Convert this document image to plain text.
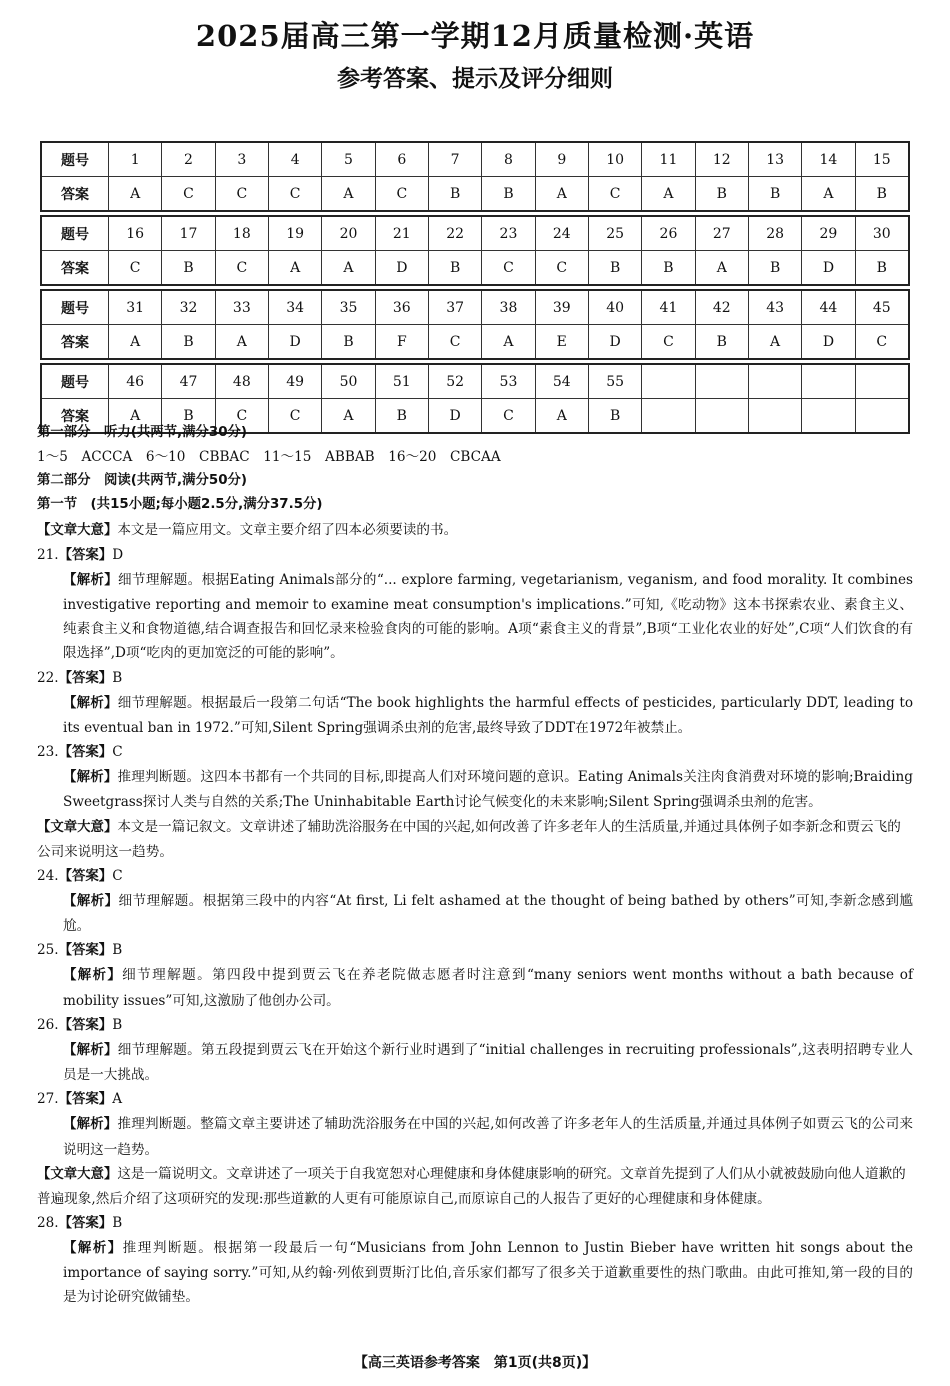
2025届高三第一学期12月质量检测·英语
参考答案、提示及评分细则
题号	1	2	3	4	5	6	7	8	9	10	11	12	13	14	15
答案	A	C	C	C	A	C	B	B	A	C	A	B	B	A	B
题号	16	17	18	19	20	21	22	23	24	25	26	27	28	29	30
答案	C	B	C	A	A	D	B	C	C	B	B	A	B	D	B
题号	31	32	33	34	35	36	37	38	39	40	41	42	43	44	45
答案	A	B	A	D	B	F	C	A	E	D	C	B	A	D	C
题号	46	47	48	49	50	51	52	53	54	55
答案	A	B	C	C	A	B	D	C	A	B

第一部分　听力(共两节,满分30分)

1～5　ACCCA　6～10　CBBAC　11～15　ABBAB　16～20　CBCAA

第二部分　阅读(共两节,满分50分)

第一节　(共15小题;每小题2.5分,满分37.5分)

【文章大意】本文是一篇应用文。文章主要介绍了四本必须要读的书。

21.【答案】D

【解析】细节理解题。根据Eating Animals部分的“... explore farming, vegetarianism, veganism, and food morality. It combines investigative reporting and memoir to examine meat consumption's implications.”可知,《吃动物》这本书探索农业、素食主义、纯素食主义和食物道德,结合调查报告和回忆录来检验食肉的可能的影响。A项“素食主义的背景”,B项“工业化农业的好处”,C项“人们饮食的有限选择”,D项“吃肉的更加宽泛的可能的影响”。

22.【答案】B

【解析】细节理解题。根据最后一段第二句话“The book highlights the harmful effects of pesticides, particularly DDT, leading to its eventual ban in 1972.”可知,Silent Spring强调杀虫剂的危害,最终导致了DDT在1972年被禁止。

23.【答案】C

【解析】推理判断题。这四本书都有一个共同的目标,即提高人们对环境问题的意识。Eating Animals关注肉食消费对环境的影响;Braiding Sweetgrass探讨人类与自然的关系;The Uninhabitable Earth讨论气候变化的未来影响;Silent Spring强调杀虫剂的危害。

【文章大意】本文是一篇记叙文。文章讲述了辅助洗浴服务在中国的兴起,如何改善了许多老年人的生活质量,并通过具体例子如李新念和贾云飞的公司来说明这一趋势。

24.【答案】C

【解析】细节理解题。根据第三段中的内容“At first, Li felt ashamed at the thought of being bathed by others”可知,李新念感到尴尬。

25.【答案】B

【解析】细节理解题。第四段中提到贾云飞在养老院做志愿者时注意到“many seniors went months without a bath because of mobility issues”可知,这激励了他创办公司。

26.【答案】B

【解析】细节理解题。第五段提到贾云飞在开始这个新行业时遇到了“initial challenges in recruiting professionals”,这表明招聘专业人员是一大挑战。

27.【答案】A

【解析】推理判断题。整篇文章主要讲述了辅助洗浴服务在中国的兴起,如何改善了许多老年人的生活质量,并通过具体例子如贾云飞的公司来说明这一趋势。

【文章大意】这是一篇说明文。文章讲述了一项关于自我宽恕对心理健康和身体健康影响的研究。文章首先提到了人们从小就被鼓励向他人道歉的普遍现象,然后介绍了这项研究的发现:那些道歉的人更有可能原谅自己,而原谅自己的人报告了更好的心理健康和身体健康。

28.【答案】B

【解析】推理判断题。根据第一段最后一句“Musicians from John Lennon to Justin Bieber have written hit songs about the importance of saying sorry.”可知,从约翰·列侬到贾斯汀比伯,音乐家们都写了很多关于道歉重要性的热门歌曲。由此可推知,第一段的目的是为讨论研究做铺垫。

【高三英语参考答案　第1页(共8页)】
